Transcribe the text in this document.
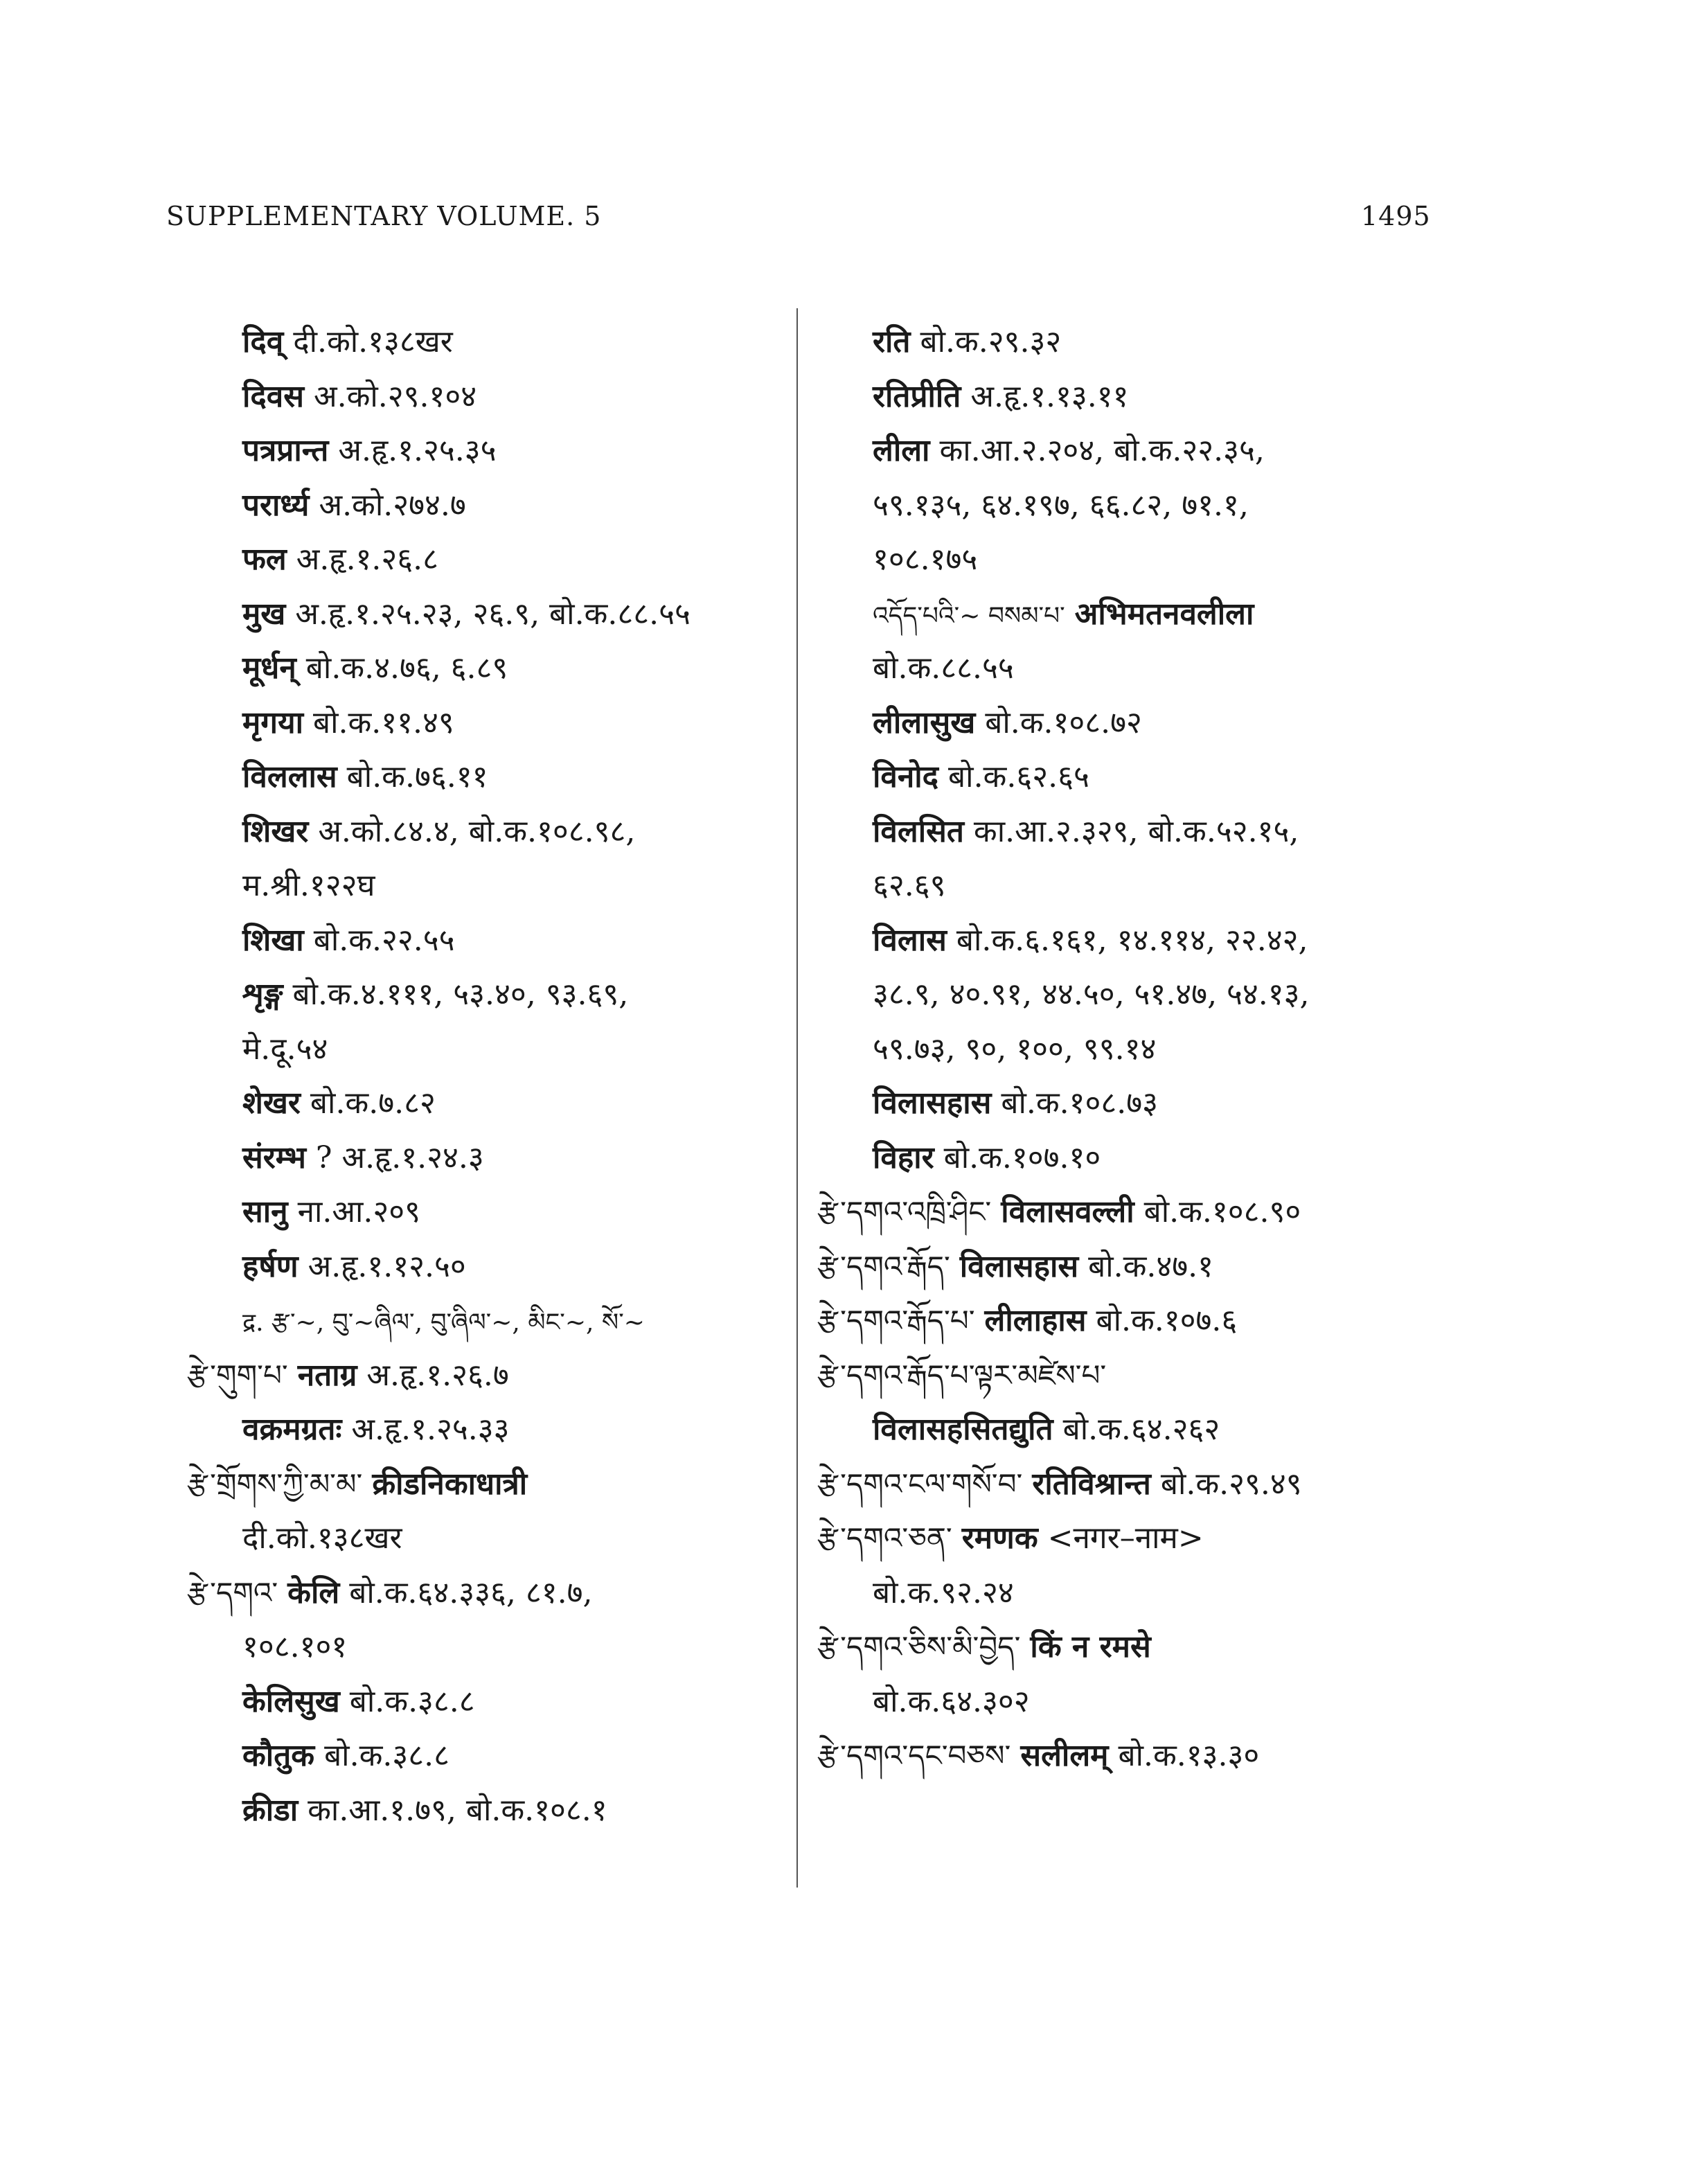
SUPPLEMENTARY VOLUME. 5	1495
दिव् दी.को.१३८खर
दिवस अ.को.२९.१०४
पत्रप्रान्त अ.हृ.१.२५.३५
परार्ध्य अ.को.२७४.७
फल अ.हृ.१.२६.८
मुख अ.हृ.१.२५.२३, २६.९, बो.क.८८.५५
मूर्धन् बो.क.४.७६, ६.८९
मृगया बो.क.११.४९
विललास बो.क.७६.११
शिखर अ.को.८४.४, बो.क.१०८.९८,
म.श्री.१२२घ
शिखा बो.क.२२.५५
शृङ्ग बो.क.४.१११, ५३.४०, ९३.६९,
मे.दू.५४
शेखर बो.क.७.८२
संरम्भ ? अ.हृ.१.२४.३
सानु ना.आ.२०९
हर्षण अ.हृ.१.१२.५०
द्र. རྩ་~, བུ་~ཞིལ་, བུ་ཞིལ་~, མིང་~, སོ་~
རྩེ་གུག་པ་ नताग्र अ.हृ.१.२६.७
वक्रमग्रतः अ.हृ.१.२५.३३
རྩེ་གྲོགས་ཀྱི་མ་མ་ क्रीडनिकाधात्री
दी.को.१३८खर
རྩེ་དགའ་ केलि बो.क.६४.३३६, ८१.७,
१०८.१०१
केलिसुख बो.क.३८.८
कौतुक बो.क.३८.८
क्रीडा का.आ.१.७९, बो.क.१०८.१
रति बो.क.२९.३२
रतिप्रीति अ.हृ.१.१३.११
लीला का.आ.२.२०४, बो.क.२२.३५,
५९.१३५, ६४.१९७, ६६.८२, ७१.१,
१०८.१७५
འདོད་པའི་~ བསམ་པ་ अभिमतनवलीला
बो.क.८८.५५
लीलासुख बो.क.१०८.७२
विनोद बो.क.६२.६५
विलसित का.आ.२.३२९, बो.क.५२.१५,
६२.६९
विलास बो.क.६.१६१, १४.११४, २२.४२,
३८.९, ४०.९१, ४४.५०, ५१.४७, ५४.१३,
५९.७३, ९०, १००, ९९.१४
विलासहास बो.क.१०८.७३
विहार बो.क.१०७.१०
རྩེ་དགའ་འཁྲི་ཤིང་ विलासवल्ली बो.क.१०८.९०
རྩེ་དགའ་རྒོད་ विलासहास बो.क.४७.१
རྩེ་དགའ་རྒོད་པ་ लीलाहास बो.क.१०७.६
རྩེ་དགའ་རྒོད་པ་ལྟར་མཛེས་པ་
विलासहसितद्युति बो.क.६४.२६२
རྩེ་དགའ་ངལ་གསོ་བ་ रतिविश्रान्त बो.क.२९.४९
རྩེ་དགའ་ཅན་ रमणक <नगर–नाम>
बो.क.९२.२४
རྩེ་དགའ་ཅིས་མི་བྱེད་ किं न रमसे
बो.क.६४.३०२
རྩེ་དགའ་དང་བཅས་ सलीलम् बो.क.१३.३०
